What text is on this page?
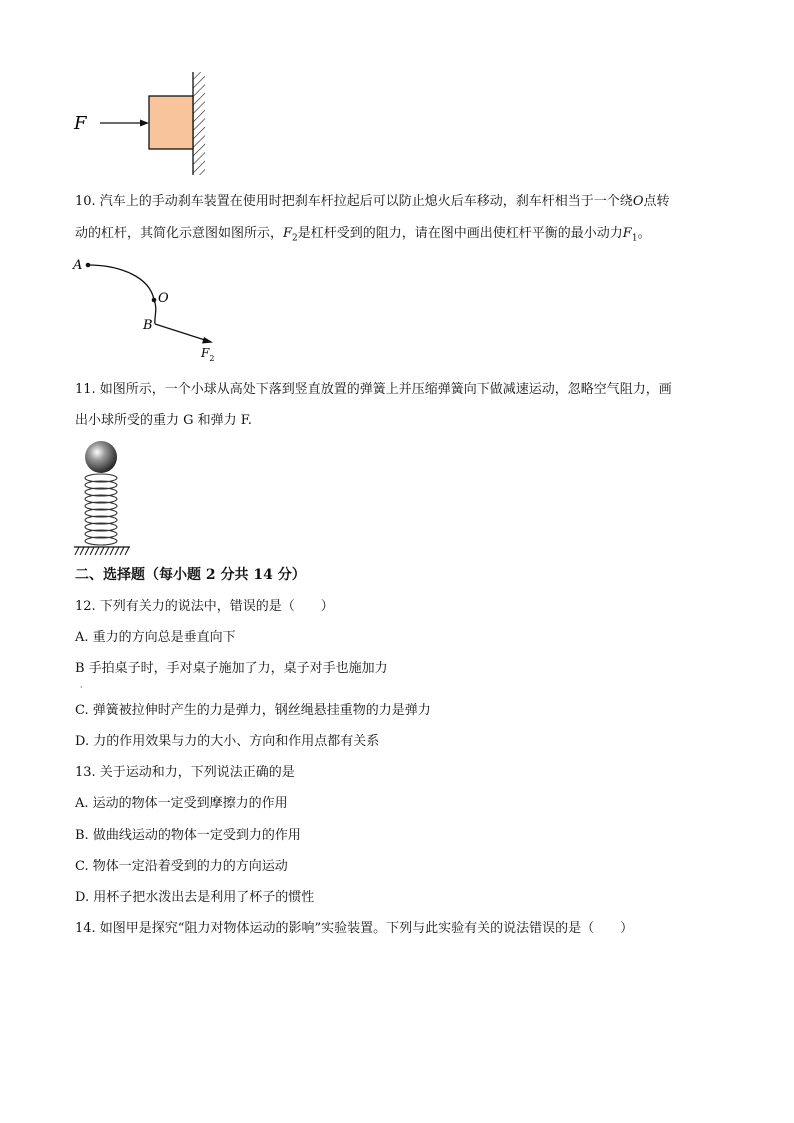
F
10. 汽车上的手动刹车装置在使用时把刹车杆拉起后可以防止熄火后车移动，刹车杆相当于一个绕O点转
动的杠杆，其简化示意图如图所示，$F_2$是杠杆受到的阻力，请在图中画出使杠杆平衡的最小动力$F_1$。
A
O
B
$F_2$
11. 如图所示，一个小球从高处下落到竖直放置的弹簧上并压缩弹簧向下做减速运动，忽略空气阻力，画
出小球所受的重力 G 和弹力 F.
二、选择题（每小题 2 分共 14 分）
12. 下列有关力的说法中，错误的是（　　）
A. 重力的方向总是垂直向下
B 手拍桌子时，手对桌子施加了力，桌子对手也施加力
·
C. 弹簧被拉伸时产生的力是弹力，钢丝绳悬挂重物的力是弹力
D. 力的作用效果与力的大小、方向和作用点都有关系
13. 关于运动和力，下列说法正确的是
A. 运动的物体一定受到摩擦力的作用
B. 做曲线运动的物体一定受到力的作用
C. 物体一定沿着受到的力的方向运动
D. 用杯子把水泼出去是利用了杯子的惯性
14. 如图甲是探究“阻力对物体运动的影响”实验装置。下列与此实验有关的说法错误的是（　　）
